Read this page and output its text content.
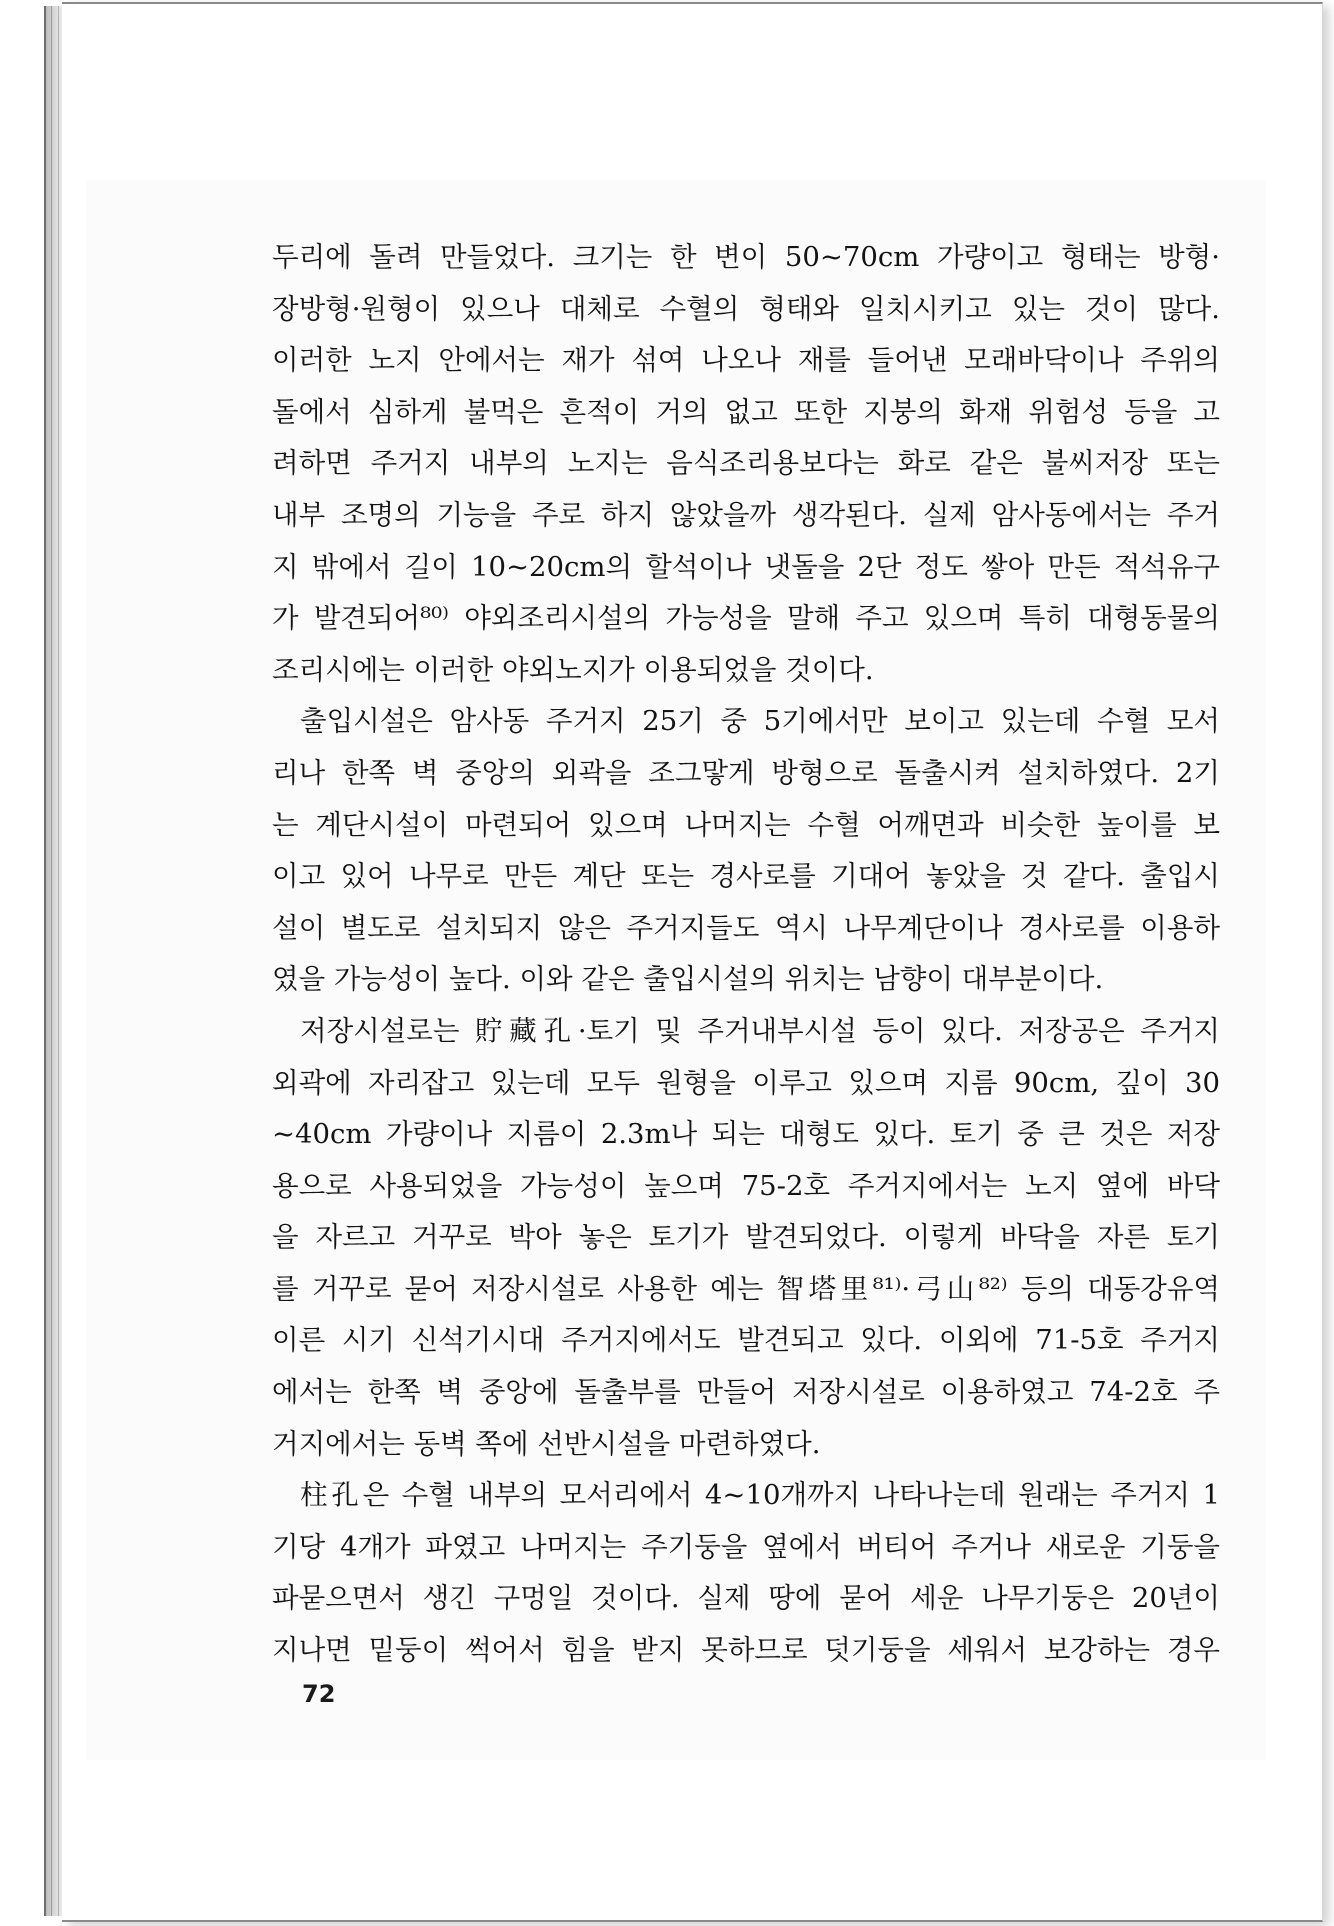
두리에 돌려 만들었다. 크기는 한 변이 50~70cm 가량이고 형태는 방형·
장방형·원형이 있으나 대체로 수혈의 형태와 일치시키고 있는 것이 많다.
이러한 노지 안에서는 재가 섞여 나오나 재를 들어낸 모래바닥이나 주위의
돌에서 심하게 불먹은 흔적이 거의 없고 또한 지붕의 화재 위험성 등을 고
려하면 주거지 내부의 노지는 음식조리용보다는 화로 같은 불씨저장 또는
내부 조명의 기능을 주로 하지 않았을까 생각된다. 실제 암사동에서는 주거
지 밖에서 길이 10~20cm의 할석이나 냇돌을 2단 정도 쌓아 만든 적석유구
가 발견되어⁸⁰⁾ 야외조리시설의 가능성을 말해 주고 있으며 특히 대형동물의
조리시에는 이러한 야외노지가 이용되었을 것이다.
출입시설은 암사동 주거지 25기 중 5기에서만 보이고 있는데 수혈 모서
리나 한쪽 벽 중앙의 외곽을 조그맣게 방형으로 돌출시켜 설치하였다. 2기
는 계단시설이 마련되어 있으며 나머지는 수혈 어깨면과 비슷한 높이를 보
이고 있어 나무로 만든 계단 또는 경사로를 기대어 놓았을 것 같다. 출입시
설이 별도로 설치되지 않은 주거지들도 역시 나무계단이나 경사로를 이용하
였을 가능성이 높다. 이와 같은 출입시설의 위치는 남향이 대부분이다.
저장시설로는 貯藏孔·토기 및 주거내부시설 등이 있다. 저장공은 주거지
외곽에 자리잡고 있는데 모두 원형을 이루고 있으며 지름 90cm, 깊이 30
~40cm 가량이나 지름이 2.3m나 되는 대형도 있다. 토기 중 큰 것은 저장
용으로 사용되었을 가능성이 높으며 75-2호 주거지에서는 노지 옆에 바닥
을 자르고 거꾸로 박아 놓은 토기가 발견되었다. 이렇게 바닥을 자른 토기
를 거꾸로 묻어 저장시설로 사용한 예는 智塔里⁸¹⁾·弓山⁸²⁾ 등의 대동강유역
이른 시기 신석기시대 주거지에서도 발견되고 있다. 이외에 71-5호 주거지
에서는 한쪽 벽 중앙에 돌출부를 만들어 저장시설로 이용하였고 74-2호 주
거지에서는 동벽 쪽에 선반시설을 마련하였다.
柱孔은 수혈 내부의 모서리에서 4~10개까지 나타나는데 원래는 주거지 1
기당 4개가 파였고 나머지는 주기둥을 옆에서 버티어 주거나 새로운 기둥을
파묻으면서 생긴 구멍일 것이다. 실제 땅에 묻어 세운 나무기둥은 20년이
지나면 밑둥이 썩어서 힘을 받지 못하므로 덧기둥을 세워서 보강하는 경우
72
